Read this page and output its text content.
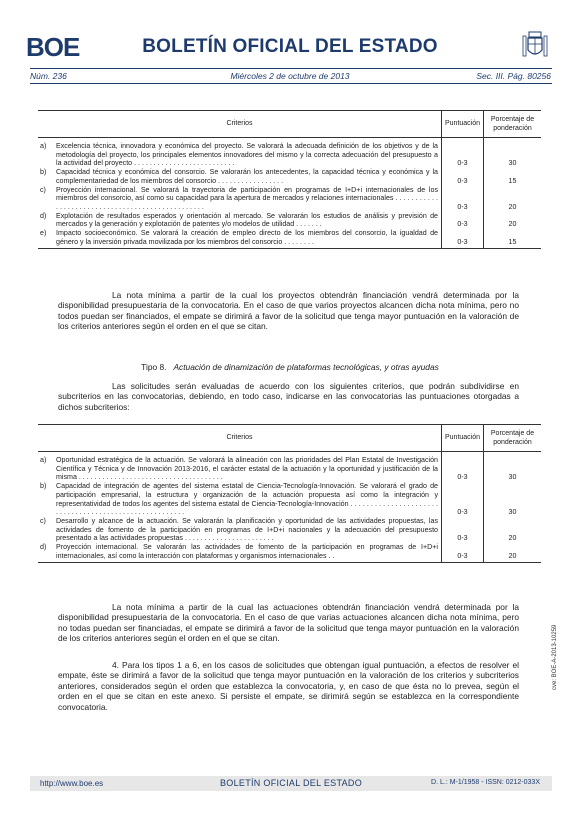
BOE	BOLETÍN OFICIAL DEL ESTADO
Núm. 236	Miércoles 2 de octubre de 2013	Sec. III. Pág. 80256
Criterios		Puntuación	Porcentaje de ponderación
a)	Excelencia técnica, innovadora y económica del proyecto. Se valorará la adecuada definición de los objetivos y de la metodología del proyecto, los principales elementos innovadores del mismo y la correcta adecuación del presupuesto a la actividad del proyecto . . . . . . . . . . . . . . . . . . . . . . . . . .	0-3	30
b)	Capacidad técnica y económica del consorcio. Se valorarán los antecedentes, la capacidad técnica y económica y la complementariedad de los miembros del consorcio . . . . . . . . . . . . . . . . .	0-3	15
c)	Proyección internacional. Se valorará la trayectoria de participación en programas de I+D+i internacionales de los miembros del consorcio, así como su capacidad para la apertura de mercados y relaciones internacionales . . . . . . . . . . . . . . . . . . . . . . . . . . . . . . . . . . . . . . . . . . . . . . . . .	0-3	20
d)	Explotación de resultados esperados y orientación al mercado. Se valorarán los estudios de análisis y previsión de mercados y la generación y explotación de patentes y/o modelos de utilidad . . . . . . .	0-3	20
e)	Impacto socioeconómico. Se valorará la creación de empleo directo de los miembros del consorcio, la igualdad de género y la inversión privada movilizada por los miembros del consorcio . . . . . . . .	0-3	15
La nota mínima a partir de la cual los proyectos obtendrán financiación vendrá determinada por la disponibilidad presupuestaria de la convocatoria. En el caso de que varios proyectos alcancen dicha nota mínima, pero no todos puedan ser financiados, el empate se dirimirá a favor de la solicitud que tenga mayor puntuación en la valoración de los criterios anteriores según el orden en el que se citan.
Tipo 8. Actuación de dinamización de plataformas tecnológicas, y otras ayudas
Las solicitudes serán evaluadas de acuerdo con los siguientes criterios, que podrán subdividirse en subcriterios en las convocatorias, debiendo, en todo caso, indicarse en las convocatorias las puntuaciones otorgadas a dichos subcriterios:
Criterios		Puntuación	Porcentaje de ponderación
a)	Oportunidad estratégica de la actuación. Se valorará la alineación con las prioridades del Plan Estatal de Investigación Científica y Técnica y de Innovación 2013-2016, el carácter estatal de la actuación y la oportunidad y justificación de la misma . . . . . . . . . . . . . . . . . . . . . . . . . . . . . . . . . . . . .	0-3	30
b)	Capacidad de integración de agentes del sistema estatal de Ciencia-Tecnología-Innovación. Se valorará el grado de participación empresarial, la estructura y organización de la actuación propuesta así como la integración y representatividad de todos los agentes del sistema estatal de Ciencia-Tecnología-Innovación . . . . . . . . . . . . . . . . . . . . . . . . . . . . . . . . . . . . . . . . . . . . . . . . . . . . . . .	0-3	30
c)	Desarrollo y alcance de la actuación. Se valorarán la planificación y oportunidad de las actividades propuestas, las actividades de fomento de la participación en programas de I+D+i nacionales y la adecuación del presupuesto presentado a las actividades propuestas . . . . . . . . . . . . . . . . . . . . . . .	0-3	20
d)	Proyección internacional. Se valorarán las actividades de fomento de la participación en programas de I+D+i internacionales, así como la interacción con plataformas y organismos internacionales . .	0-3	20
La nota mínima a partir de la cual las actuaciones obtendrán financiación vendrá determinada por la disponibilidad presupuestaria de la convocatoria. En el caso de que varias actuaciones alcancen dicha nota mínima, pero no todas puedan ser financiadas, el empate se dirimirá a favor de la solicitud que tenga mayor puntuación en la valoración de los criterios anteriores según el orden en el que se citan.
4. Para los tipos 1 a 6, en los casos de solicitudes que obtengan igual puntuación, a efectos de resolver el empate, éste se dirimirá a favor de la solicitud que tenga mayor puntuación en la valoración de los criterios y subcriterios anteriores, considerados según el orden que establezca la convocatoria, y, en caso de que ésta no lo prevea, según el orden en el que se citan en este anexo. Si persiste el empate, se dirimirá según se establezca en la correspondiente convocatoria.
cve: BOE-A-2013-10259
http://www.boe.es	BOLETÍN OFICIAL DEL ESTADO	D. L.: M-1/1958 - ISSN: 0212-033X
